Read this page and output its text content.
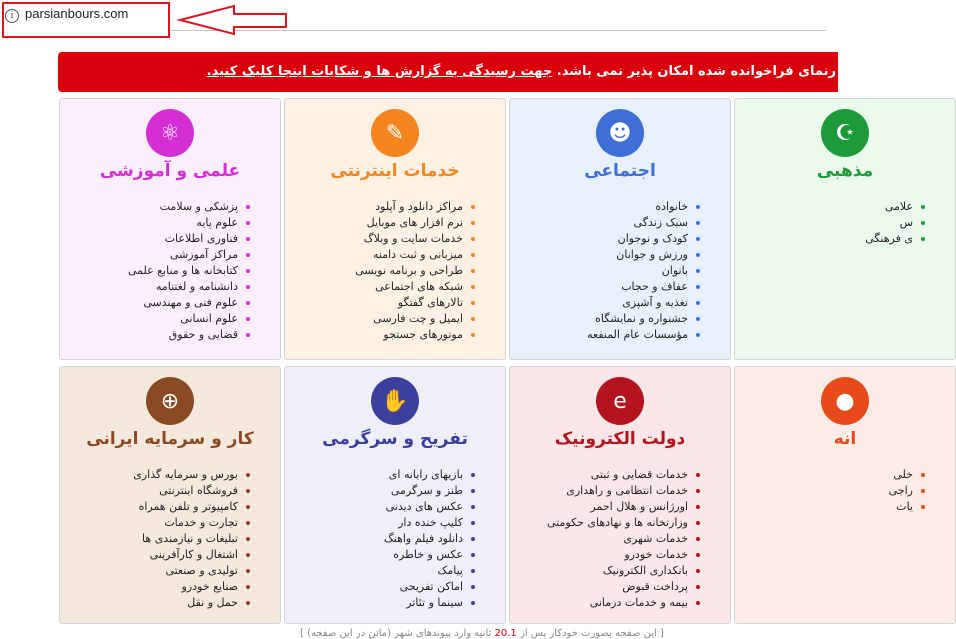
i parsianbours.com
رنمای فراخوانده شده امکان پذیر نمی باشد. جهت رسیدگی به گزارش ها و شکایات اینجا کلیک کنید.
⚛
علمی و آموزشی
پزشکی و سلامت
علوم پایه
فناوری اطلاعات
مراکز آموزشی
کتابخانه ها و منابع علمی
دانشنامه و لغتنامه
علوم فنی و مهندسی
علوم انسانی
قضایی و حقوق
✎
خدمات اینترنتی
مراکز دانلود و آپلود
نرم افزار های موبایل
خدمات سایت و وبلاگ
میزبانی و ثبت دامنه
طراحی و برنامه نویسی
شبکه های اجتماعی
تالارهای گفتگو
ایمیل و چت فارسی
موتورهای جستجو
☻
اجتماعی
خانواده
سبک زندگی
کودک و نوجوان
ورزش و جوانان
بانوان
عفاف و حجاب
تغذیه و آشپزی
جشنواره و نمایشگاه
مؤسسات عام المنفعه
☪
مذهبی
علامی
س
ی فرهنگی
⊕
کار و سرمایه ایرانی
بورس و سرمایه گذاری
فروشگاه اینترنتی
کامپیوتر و تلفن همراه
تجارت و خدمات
تبلیغات و نیازمندی ها
اشتغال و کارآفرینی
تولیدی و صنعتی
صنایع خودرو
حمل و نقل
✋
تفریح و سرگرمی
بازیهای رایانه ای
طنز و سرگرمی
عکس های دیدنی
کلیپ خنده دار
دانلود فیلم واهنگ
عکس و خاطره
پیامک
اماکن تفریحی
سینما و تئاتر
e
دولت الکترونیک
خدمات قضایی و ثبتی
خدمات انتظامی و راهداری
اورژانس و هلال احمر
وزارتخانه ها و نهادهای حکومتی
خدمات شهری
خدمات خودرو
بانکداری الکترونیک
پرداخت قبوض
بیمه و خدمات درمانی
●
انه
خلی
راجی
یات
[ این صفحه بصورت خودکار پس از 20.1 ثانیه وارد پیوندهای شهر (ماتن در این صفحه) ]
